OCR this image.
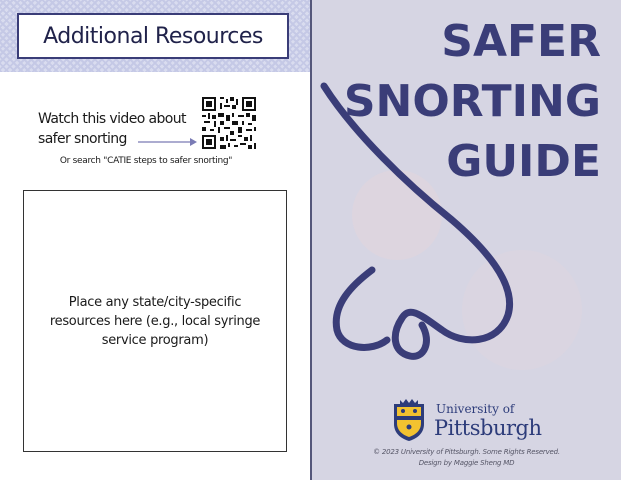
Additional Resources
Watch this video about
safer snorting
Or search "CATIE steps to safer snorting"
Place any state/city-specific resources here (e.g., local syringe service program)
SAFER
SNORTING
GUIDE
University of
Pittsburgh
© 2023 University of Pittsburgh. Some Rights Reserved.
Design by Maggie Sheng MD
